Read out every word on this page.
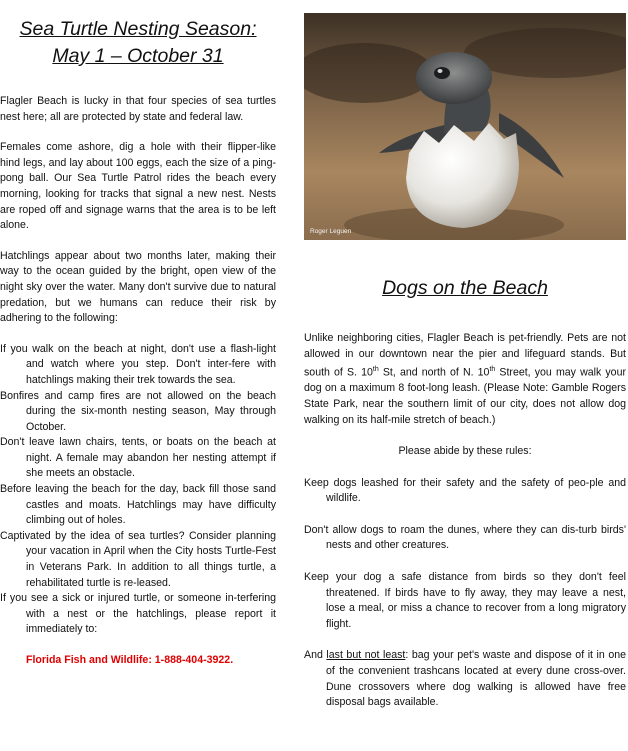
Sea Turtle Nesting Season:
May 1 – October 31

Flagler Beach is lucky in that four species of sea turtles nest here; all are protected by state and federal law.

Females come ashore, dig a hole with their flipper-like hind legs, and lay about 100 eggs, each the size of a ping-pong ball. Our Sea Turtle Patrol rides the beach every morning, looking for tracks that signal a new nest. Nests are roped off and signage warns that the area is to be left alone.

Hatchlings appear about two months later, making their way to the ocean guided by the bright, open view of the night sky over the water. Many don't survive due to natural predation, but we humans can reduce their risk by adhering to the following:

If you walk on the beach at night, don't use a flash-light and watch where you step. Don't inter-fere with hatchlings making their trek towards the sea.

Bonfires and camp fires are not allowed on the beach during the six-month nesting season, May through October.

Don't leave lawn chairs, tents, or boats on the beach at night. A female may abandon her nesting attempt if she meets an obstacle.

Before leaving the beach for the day, back fill those sand castles and moats. Hatchlings may have difficulty climbing out of holes.

Captivated by the idea of sea turtles? Consider planning your vacation in April when the City hosts Turtle-Fest in Veterans Park. In addition to all things turtle, a rehabilitated turtle is re-leased.

If you see a sick or injured turtle, or someone in-terfering with a nest or the hatchlings, please report it immediately to:

Florida Fish and Wildlife: 1-888-404-3922.

Roger Leguen
Dogs on the Beach

Unlike neighboring cities, Flagler Beach is pet-friendly. Pets are not allowed in our downtown near the pier and lifeguard stands. But south of S. 10th St, and north of N. 10th Street, you may walk your dog on a maximum 8 foot-long leash. (Please Note: Gamble Rogers State Park, near the southern limit of our city, does not allow dog walking on its half-mile stretch of beach.)

Please abide by these rules:

Keep dogs leashed for their safety and the safety of peo-ple and wildlife.

Don't allow dogs to roam the dunes, where they can dis-turb birds' nests and other creatures.

Keep your dog a safe distance from birds so they don't feel threatened. If birds have to fly away, they may leave a nest, lose a meal, or miss a chance to recover from a long migratory flight.

And last but not least: bag your pet's waste and dispose of it in one of the convenient trashcans located at every dune cross-over. Dune crossovers where dog walking is allowed have free disposal bags available.
